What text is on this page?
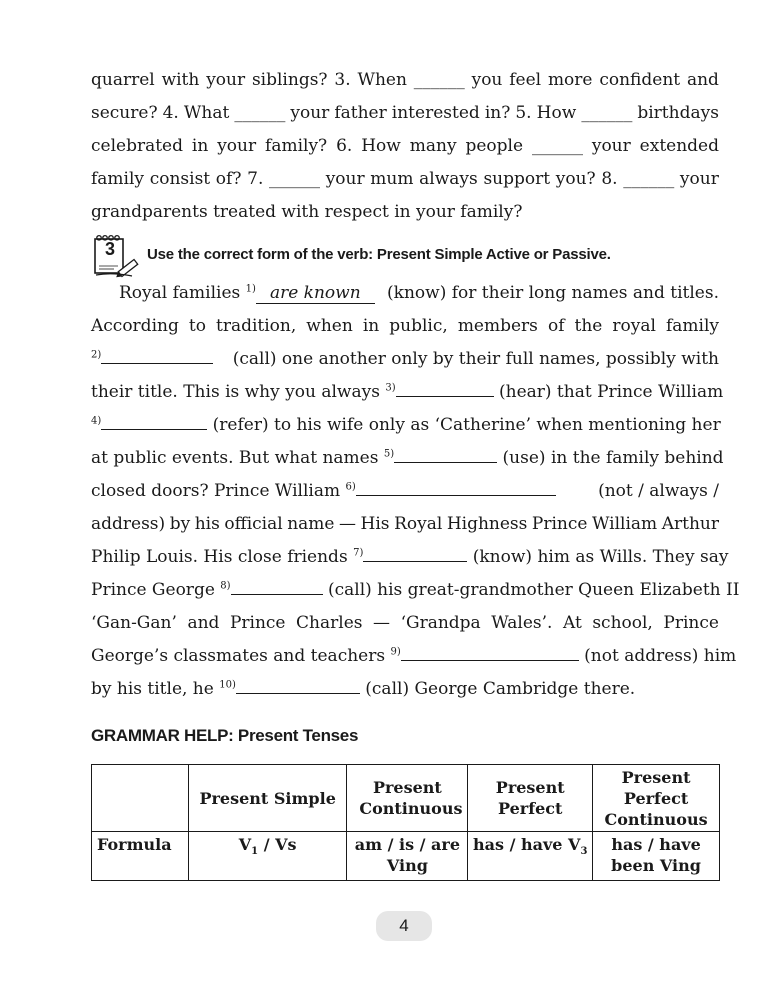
quarrel with your siblings? 3. When ______ you feel more confident and
secure? 4. What ______ your father interested in? 5. How ______ birthdays
celebrated in your family? 6. How many people ______ your extended
family consist of? 7. ______ your mum always support you? 8. ______ your
grandparents treated with respect in your family?
3 Use the correct form of the verb: Present Simple Active or Passive.
Royal families $^{1)}$ are known	(know) for their long names and titles.
According to tradition, when in public, members of the royal family
$^{2)}$	(call) one another only by their full names, possibly with
their title. This is why you always $^{3)}$	(hear) that Prince William
$^{4)}$	(refer) to his wife only as ‘Catherine’ when mentioning her
at public events. But what names $^{5)}$	(use) in the family behind
closed doors? Prince William $^{6)}$	(not / always /
address) by his official name — His Royal Highness Prince William Arthur
Philip Louis. His close friends $^{7)}$	(know) him as Wills. They say
Prince George $^{8)}$	(call) his great-grandmother Queen Elizabeth II
‘Gan-Gan’ and Prince Charles — ‘Grandpa Wales’. At school, Prince
George’s classmates and teachers $^{9)}$	(not address) him
by his title, he $^{10)}$	(call) George Cambridge there.
GRAMMAR HELP: Present Tenses
	Present Simple	Present Continuous	Present Perfect	Present Perfect Continuous
Formula	$V_1$ / Vs	am / is / are Ving	has / have $V_3$	has / have been Ving
4
